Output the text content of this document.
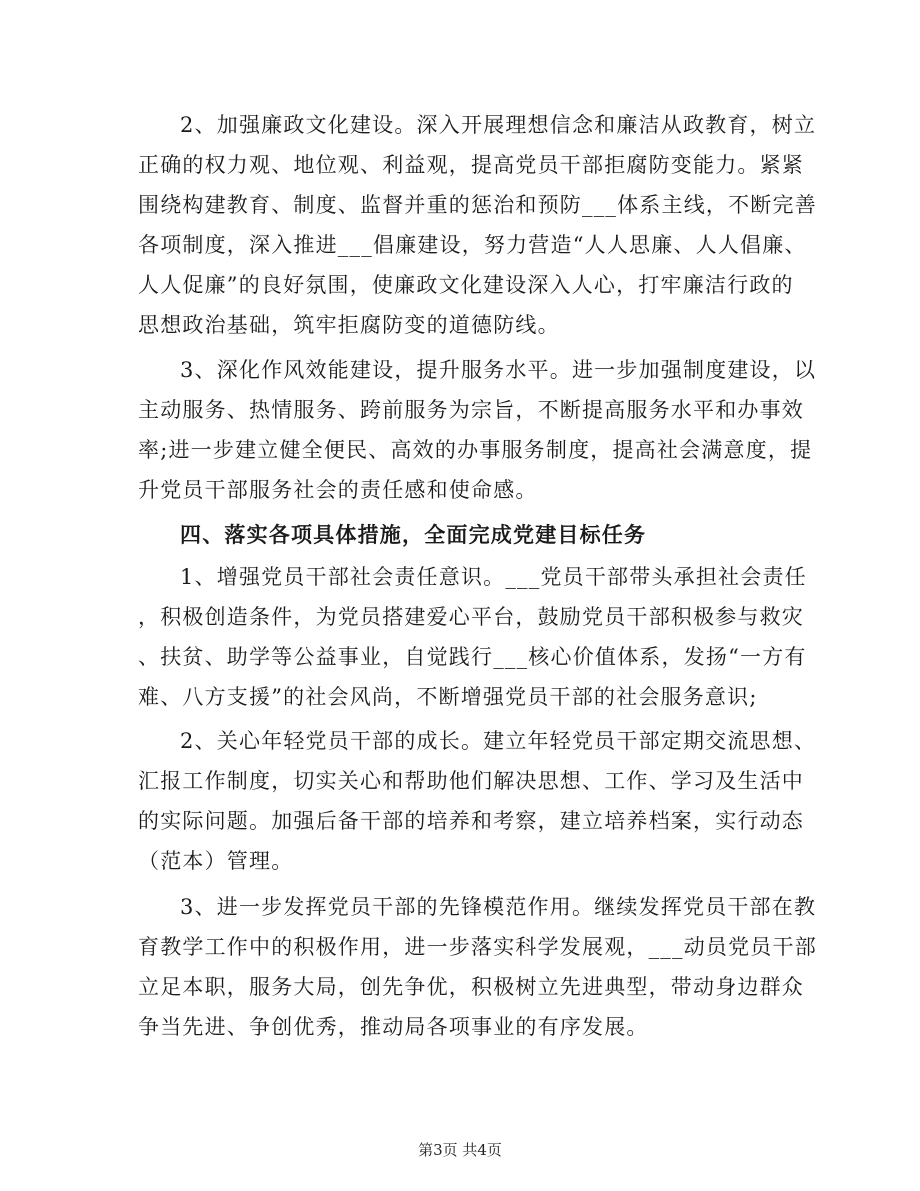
2、加强廉政文化建设。深入开展理想信念和廉洁从政教育，树立
正确的权力观、地位观、利益观，提高党员干部拒腐防变能力。紧紧
围绕构建教育、制度、监督并重的惩治和预防___体系主线，不断完善
各项制度，深入推进___倡廉建设，努力营造“人人思廉、人人倡廉、
人人促廉”的良好氛围，使廉政文化建设深入人心，打牢廉洁行政的
思想政治基础，筑牢拒腐防变的道德防线。
3、深化作风效能建设，提升服务水平。进一步加强制度建设，以
主动服务、热情服务、跨前服务为宗旨，不断提高服务水平和办事效
率;进一步建立健全便民、高效的办事服务制度，提高社会满意度，提
升党员干部服务社会的责任感和使命感。
四、落实各项具体措施，全面完成党建目标任务
1、增强党员干部社会责任意识。___党员干部带头承担社会责任
，积极创造条件，为党员搭建爱心平台，鼓励党员干部积极参与救灾
、扶贫、助学等公益事业，自觉践行___核心价值体系，发扬“一方有
难、八方支援”的社会风尚，不断增强党员干部的社会服务意识;
2、关心年轻党员干部的成长。建立年轻党员干部定期交流思想、
汇报工作制度，切实关心和帮助他们解决思想、工作、学习及生活中
的实际问题。加强后备干部的培养和考察，建立培养档案，实行动态
（范本）管理。
3、进一步发挥党员干部的先锋模范作用。继续发挥党员干部在教
育教学工作中的积极作用，进一步落实科学发展观，___动员党员干部
立足本职，服务大局，创先争优，积极树立先进典型，带动身边群众
争当先进、争创优秀，推动局各项事业的有序发展。
第3页 共4页
